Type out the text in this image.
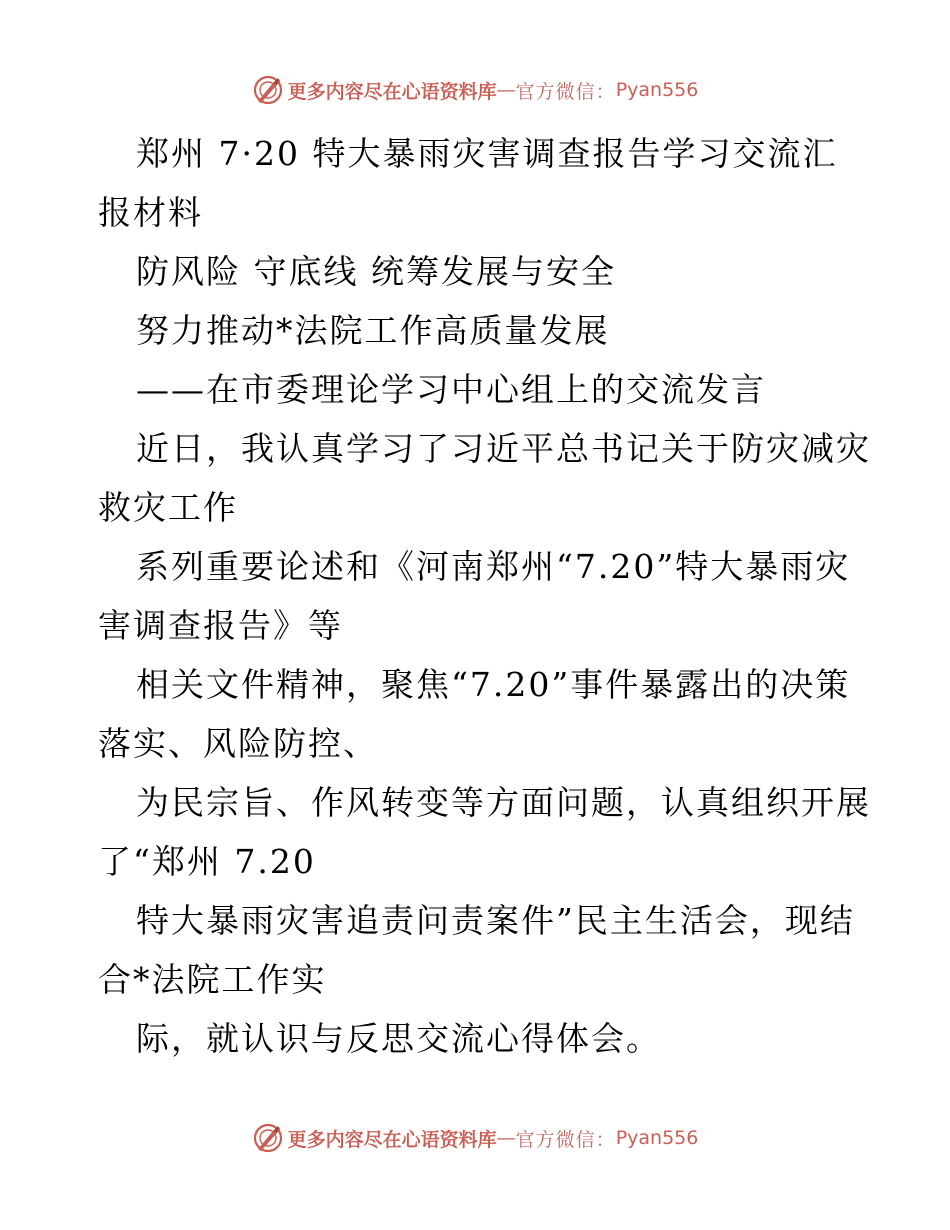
更多内容尽在心语资料库 — 官方微信： Pyan556
郑州 7·20 特大暴雨灾害调查报告学习交流汇
报材料
防风险 守底线 统筹发展与安全
努力推动*法院工作高质量发展
——在市委理论学习中心组上的交流发言
近日，我认真学习了习近平总书记关于防灾减灾
救灾工作
系列重要论述和《河南郑州“7.20”特大暴雨灾
害调查报告》等
相关文件精神，聚焦“7.20”事件暴露出的决策
落实、风险防控、
为民宗旨、作风转变等方面问题，认真组织开展
了“郑州 7.20
特大暴雨灾害追责问责案件”民主生活会，现结
合*法院工作实
际，就认识与反思交流心得体会。
更多内容尽在心语资料库 — 官方微信： Pyan556
